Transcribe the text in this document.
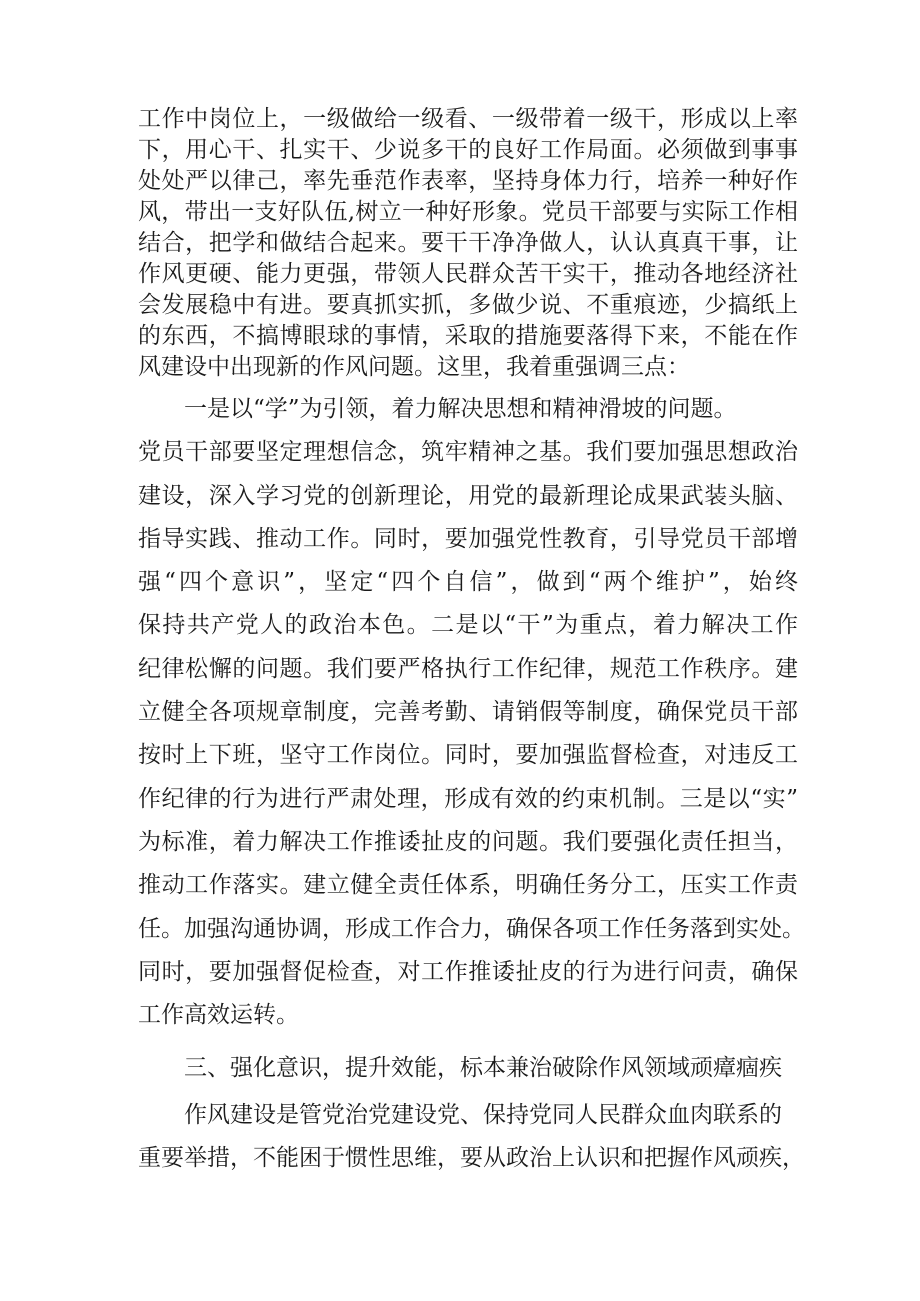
工作中岗位上，一级做给一级看、一级带着一级干，形成以上率
下，用心干、扎实干、少说多干的良好工作局面。必须做到事事
处处严以律己，率先垂范作表率，坚持身体力行，培养一种好作
风，带出一支好队伍,树立一种好形象。党员干部要与实际工作相
结合，把学和做结合起来。要干干净净做人，认认真真干事，让
作风更硬、能力更强，带领人民群众苦干实干，推动各地经济社
会发展稳中有进。要真抓实抓，多做少说、不重痕迹，少搞纸上
的东西，不搞博眼球的事情，采取的措施要落得下来，不能在作
风建设中出现新的作风问题。这里，我着重强调三点：
　　一是以“学”为引领，着力解决思想和精神滑坡的问题。
党员干部要坚定理想信念，筑牢精神之基。我们要加强思想政治
建设，深入学习党的创新理论，用党的最新理论成果武装头脑、
指导实践、推动工作。同时，要加强党性教育，引导党员干部增
强“四个意识”，坚定“四个自信”，做到“两个维护”，始终
保持共产党人的政治本色。二是以“干”为重点，着力解决工作
纪律松懈的问题。我们要严格执行工作纪律，规范工作秩序。建
立健全各项规章制度，完善考勤、请销假等制度，确保党员干部
按时上下班，坚守工作岗位。同时，要加强监督检查，对违反工
作纪律的行为进行严肃处理，形成有效的约束机制。三是以“实”
为标准，着力解决工作推诿扯皮的问题。我们要强化责任担当，
推动工作落实。建立健全责任体系，明确任务分工，压实工作责
任。加强沟通协调，形成工作合力，确保各项工作任务落到实处。
同时，要加强督促检查，对工作推诿扯皮的行为进行问责，确保
工作高效运转。
　　三、强化意识，提升效能，标本兼治破除作风领域顽瘴痼疾
　　作风建设是管党治党建设党、保持党同人民群众血肉联系的
重要举措，不能困于惯性思维，要从政治上认识和把握作风顽疾，
